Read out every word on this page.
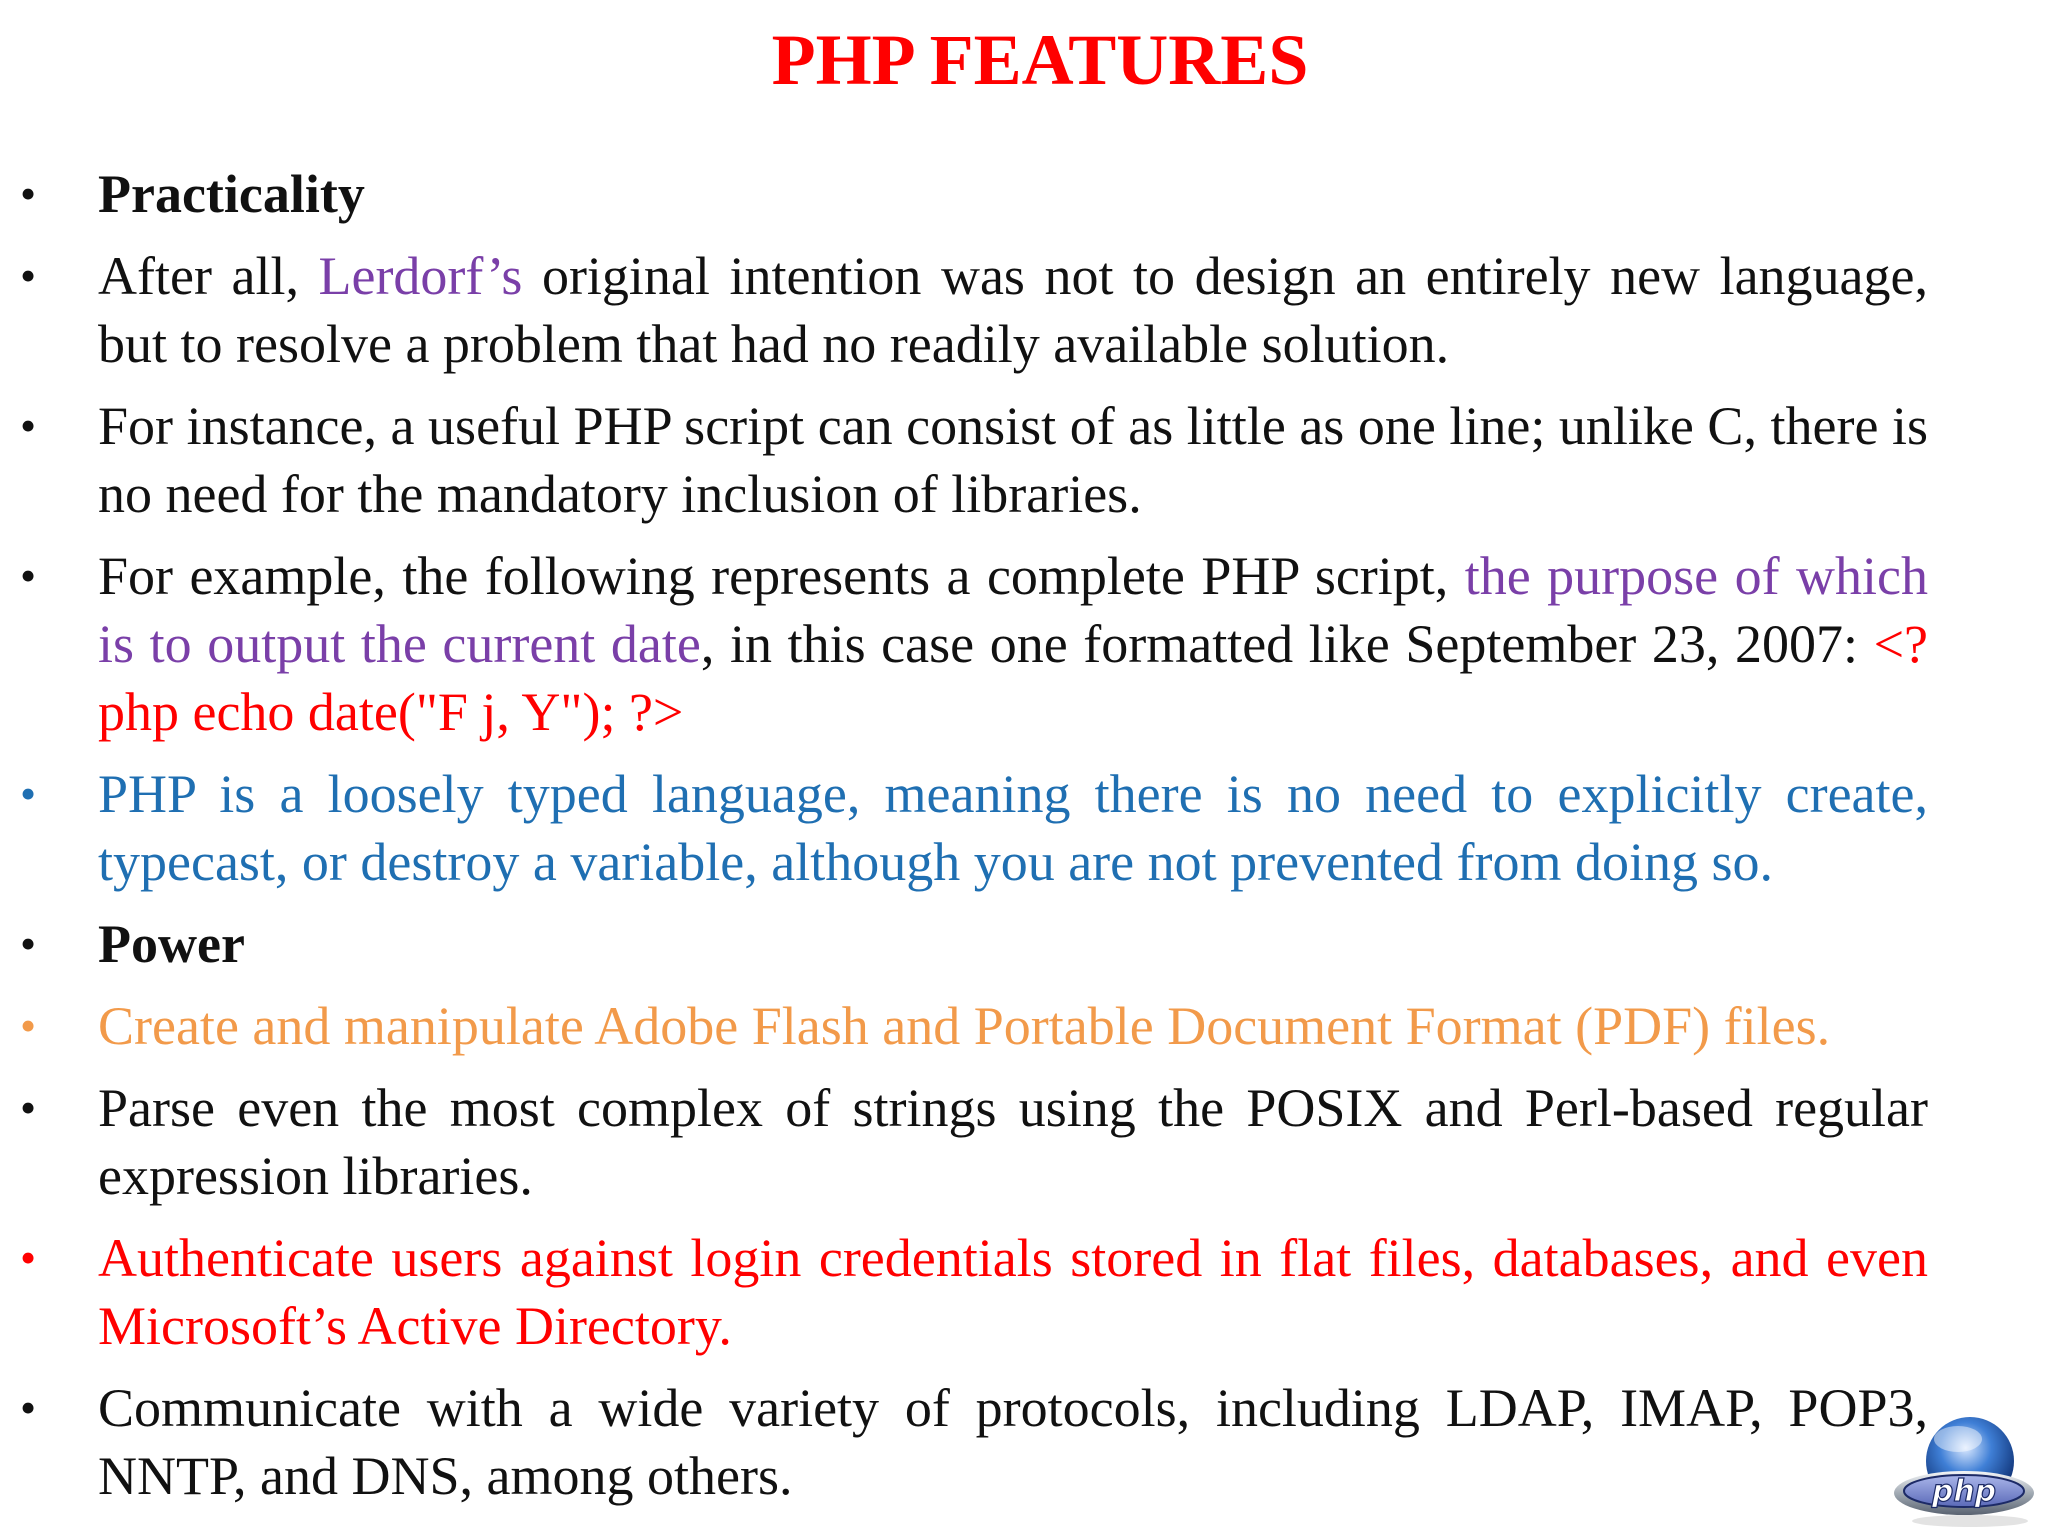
PHP FEATURES
• Practicality
• After all, Lerdorf’s original intention was not to design an entirely new language, but to resolve a problem that had no readily available solution.
• For instance, a useful PHP script can consist of as little as one line; unlike C, there is no need for the mandatory inclusion of libraries.
• For example, the following represents a complete PHP script, the purpose of which is to output the current date, in this case one formatted like September 23, 2007: <?php echo date("F j, Y"); ?>
• PHP is a loosely typed language, meaning there is no need to explicitly create, typecast, or destroy a variable, although you are not prevented from doing so.
• Power
• Create and manipulate Adobe Flash and Portable Document Format (PDF) files.
• Parse even the most complex of strings using the POSIX and Perl-based regular expression libraries.
• Authenticate users against login credentials stored in flat files, databases, and even Microsoft’s Active Directory.
• Communicate with a wide variety of protocols, including LDAP, IMAP, POP3, NNTP, and DNS, among others.	php
